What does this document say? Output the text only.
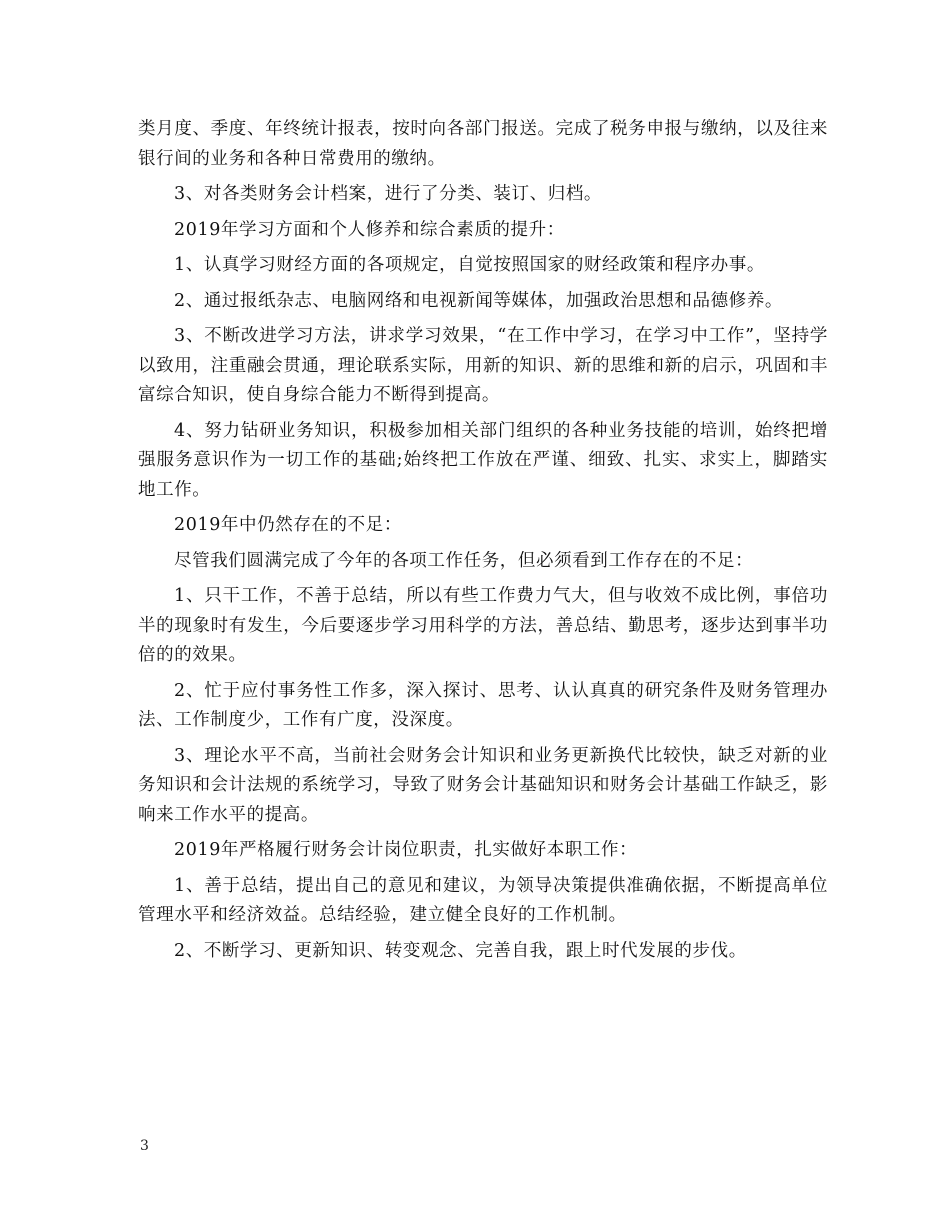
类月度、季度、年终统计报表，按时向各部门报送。完成了税务申报与缴纳，以及往来银行间的业务和各种日常费用的缴纳。

3、对各类财务会计档案，进行了分类、装订、归档。

2019年学习方面和个人修养和综合素质的提升：

1、认真学习财经方面的各项规定，自觉按照国家的财经政策和程序办事。

2、通过报纸杂志、电脑网络和电视新闻等媒体，加强政治思想和品德修养。

3、不断改进学习方法，讲求学习效果，“在工作中学习，在学习中工作”，坚持学以致用，注重融会贯通，理论联系实际，用新的知识、新的思维和新的启示，巩固和丰富综合知识，使自身综合能力不断得到提高。

4、努力钻研业务知识，积极参加相关部门组织的各种业务技能的培训，始终把增强服务意识作为一切工作的基础;始终把工作放在严谨、细致、扎实、求实上，脚踏实地工作。

2019年中仍然存在的不足：

尽管我们圆满完成了今年的各项工作任务，但必须看到工作存在的不足：

1、只干工作，不善于总结，所以有些工作费力气大，但与收效不成比例，事倍功半的现象时有发生，今后要逐步学习用科学的方法，善总结、勤思考，逐步达到事半功倍的的效果。

2、忙于应付事务性工作多，深入探讨、思考、认认真真的研究条件及财务管理办法、工作制度少，工作有广度，没深度。

3、理论水平不高，当前社会财务会计知识和业务更新换代比较快，缺乏对新的业务知识和会计法规的系统学习，导致了财务会计基础知识和财务会计基础工作缺乏，影响来工作水平的提高。

2019年严格履行财务会计岗位职责，扎实做好本职工作：

1、善于总结，提出自己的意见和建议，为领导决策提供准确依据，不断提高单位管理水平和经济效益。总结经验，建立健全良好的工作机制。

2、不断学习、更新知识、转变观念、完善自我，跟上时代发展的步伐。

3
